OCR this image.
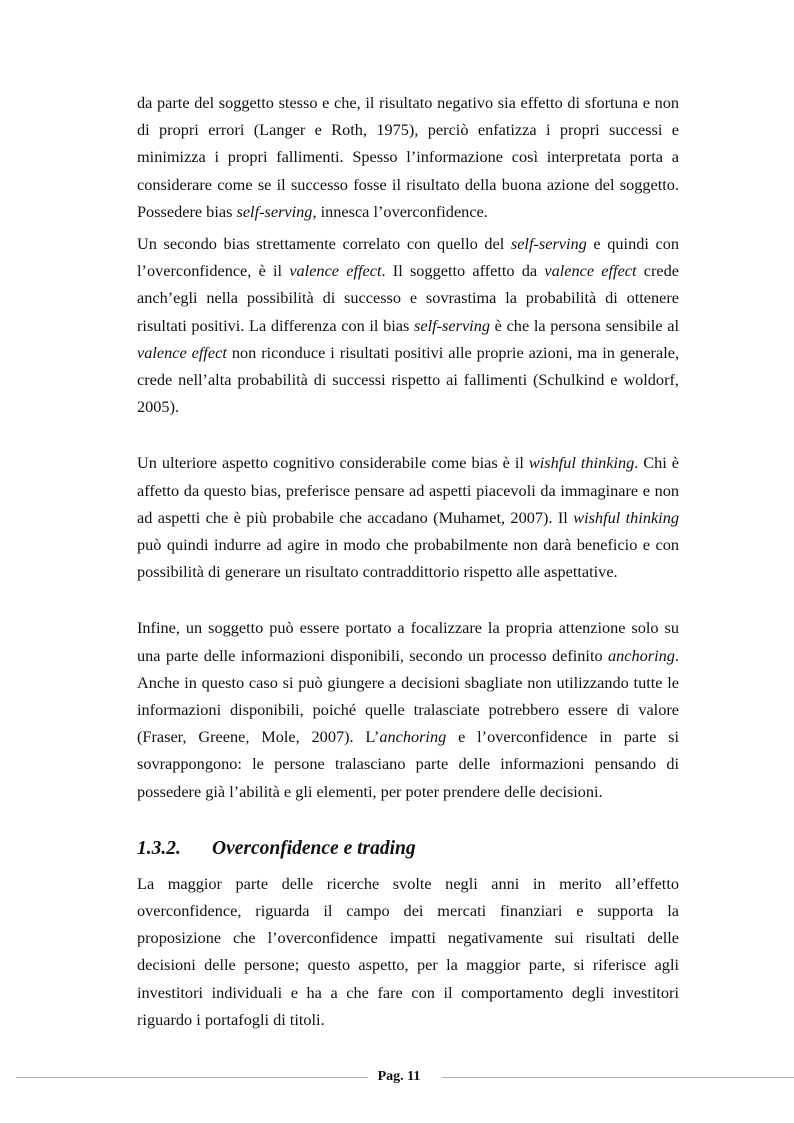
da parte del soggetto stesso e che, il risultato negativo sia effetto di sfortuna e non di propri errori (Langer e Roth, 1975), perciò enfatizza i propri successi e minimizza i propri fallimenti. Spesso l’informazione così interpretata porta a considerare come se il successo fosse il risultato della buona azione del soggetto. Possedere bias self-serving, innesca l’overconfidence.

Un secondo bias strettamente correlato con quello del self-serving e quindi con l’overconfidence, è il valence effect. Il soggetto affetto da valence effect crede anch’egli nella possibilità di successo e sovrastima la probabilità di ottenere risultati positivi. La differenza con il bias self-serving è che la persona sensibile al valence effect non riconduce i risultati positivi alle proprie azioni, ma in generale, crede nell’alta probabilità di successi rispetto ai fallimenti (Schulkind e woldorf, 2005).

Un ulteriore aspetto cognitivo considerabile come bias è il wishful thinking. Chi è affetto da questo bias, preferisce pensare ad aspetti piacevoli da immaginare e non ad aspetti che è più probabile che accadano (Muhamet, 2007). Il wishful thinking può quindi indurre ad agire in modo che probabilmente non darà beneficio e con possibilità di generare un risultato contraddittorio rispetto alle aspettative.

Infine, un soggetto può essere portato a focalizzare la propria attenzione solo su una parte delle informazioni disponibili, secondo un processo definito anchoring. Anche in questo caso si può giungere a decisioni sbagliate non utilizzando tutte le informazioni disponibili, poiché quelle tralasciate potrebbero essere di valore (Fraser, Greene, Mole, 2007). L’anchoring e l’overconfidence in parte si sovrappongono: le persone tralasciano parte delle informazioni pensando di possedere già l’abilità e gli elementi, per poter prendere delle decisioni.

1.3.2.	Overconfidence e trading

La maggior parte delle ricerche svolte negli anni in merito all’effetto overconfidence, riguarda il campo dei mercati finanziari e supporta la proposizione che l’overconfidence impatti negativamente sui risultati delle decisioni delle persone; questo aspetto, per la maggior parte, si riferisce agli investitori individuali e ha a che fare con il comportamento degli investitori riguardo i portafogli di titoli.

Pag. 11
